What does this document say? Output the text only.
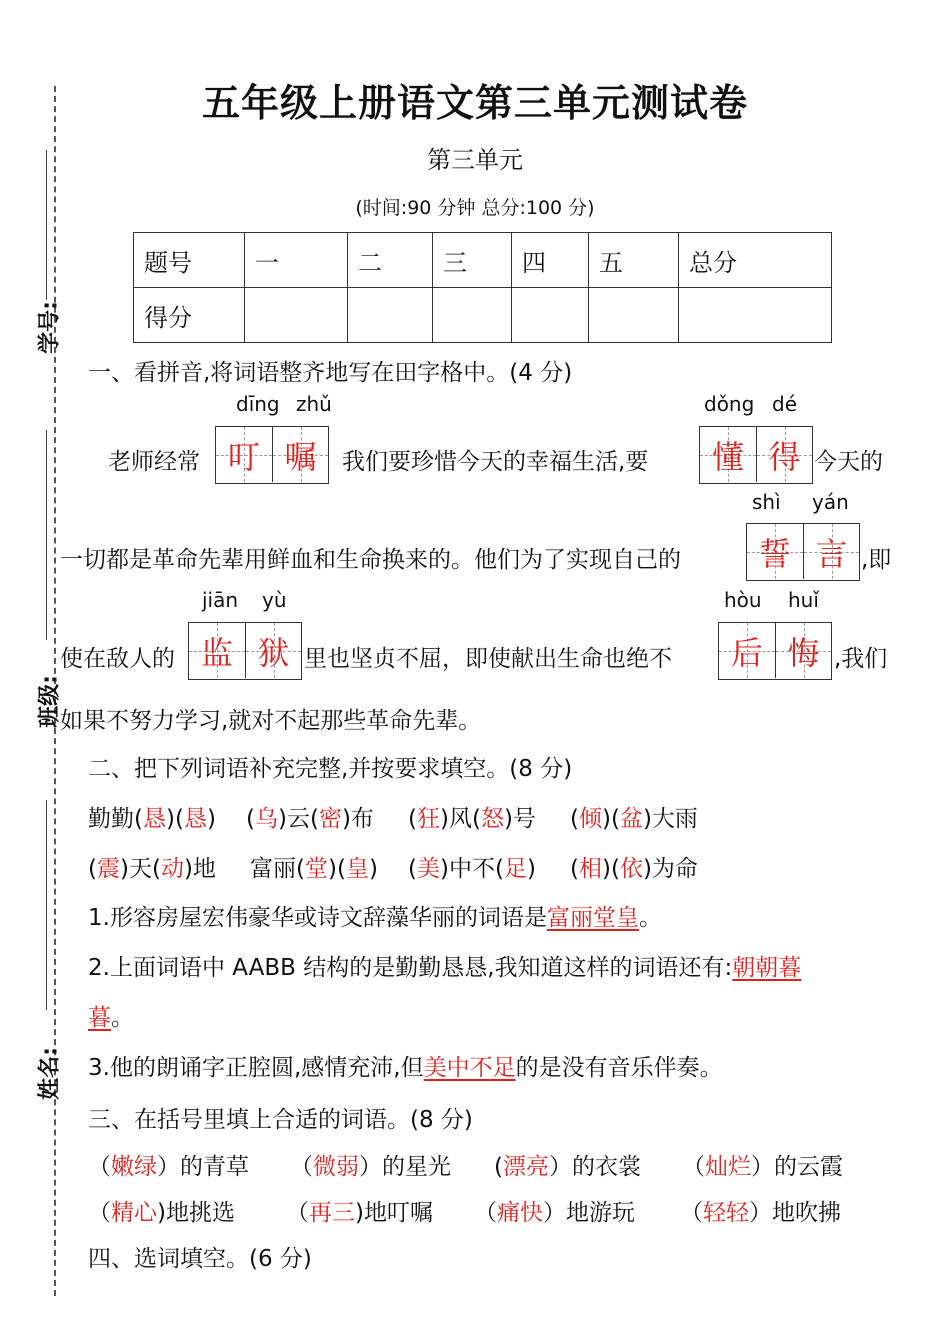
学号:
班级:
姓名:
五年级上册语文第三单元测试卷
第三单元
(时间:90 分钟 总分:100 分)
题号	一	二	三	四	五	总分
得分						
一、看拼音,将词语整齐地写在田字格中。(4 分)
dīng zhǔ
叮 嘱
dǒng dé
懂 得
老师经常	我们要珍惜今天的幸福生活,要	今天的
shì yán
誓 言
一切都是革命先辈用鲜血和生命换来的。他们为了实现自己的	,即
jiān yù
监 狱
hòu huǐ
后 悔
使在敌人的	里也坚贞不屈，即使献出生命也绝不	,我们
如果不努力学习,就对不起那些革命先辈。
二、把下列词语补充完整,并按要求填空。(8 分)
勤勤(恳)(恳) (乌)云(密)布 (狂)风(怒)号 (倾)(盆)大雨
(震)天(动)地 富丽(堂)(皇) (美)中不(足) (相)(依)为命
1.形容房屋宏伟豪华或诗文辞藻华丽的词语是富丽堂皇。
2.上面词语中 AABB 结构的是勤勤恳恳,我知道这样的词语还有:朝朝暮
暮。
3.他的朗诵字正腔圆,感情充沛,但美中不足的是没有音乐伴奏。
三、在括号里填上合适的词语。(8 分)
（嫩绿）的青草 （微弱）的星光 (漂亮）的衣裳 （灿烂）的云霞
（精心)地挑选 （再三)地叮嘱 （痛快）地游玩 （轻轻）地吹拂
四、选词填空。(6 分)
